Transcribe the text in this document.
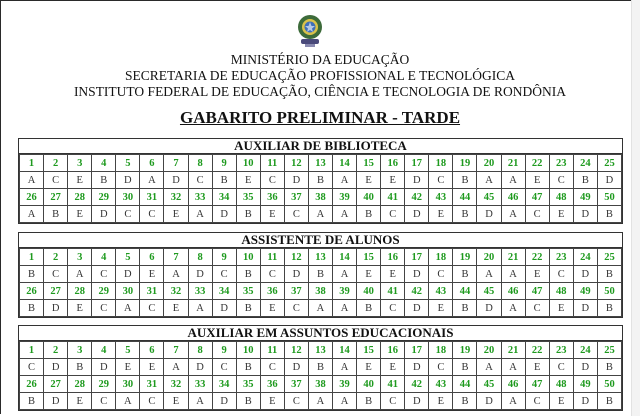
MINISTÉRIO DA EDUCAÇÃO
SECRETARIA DE EDUCAÇÃO PROFISSIONAL E TECNOLÓGICA
INSTITUTO FEDERAL DE EDUCAÇÃO, CIÊNCIA E TECNOLOGIA DE RONDÔNIA
GABARITO PRELIMINAR - TARDE
AUXILIAR DE BIBLIOTECA
1	2	3	4	5	6	7	8	9	10	11	12	13	14	15	16	17	18	19	20	21	22	23	24	25
A	C	E	B	D	A	D	C	B	E	C	D	B	A	E	E	D	C	B	A	A	E	C	B	D
26	27	28	29	30	31	32	33	34	35	36	37	38	39	40	41	42	43	44	45	46	47	48	49	50
A	B	E	D	C	C	E	A	D	B	E	C	A	A	B	C	D	E	B	D	A	C	E	D	B
ASSISTENTE DE ALUNOS
1	2	3	4	5	6	7	8	9	10	11	12	13	14	15	16	17	18	19	20	21	22	23	24	25
B	C	A	C	D	E	A	D	C	B	C	D	B	A	E	E	D	C	B	A	A	E	C	D	B
26	27	28	29	30	31	32	33	34	35	36	37	38	39	40	41	42	43	44	45	46	47	48	49	50
B	D	E	C	A	C	E	A	D	B	E	C	A	A	B	C	D	E	B	D	A	C	E	D	B
AUXILIAR EM ASSUNTOS EDUCACIONAIS
1	2	3	4	5	6	7	8	9	10	11	12	13	14	15	16	17	18	19	20	21	22	23	24	25
C	D	B	D	E	E	A	D	C	B	C	D	B	A	E	E	D	C	B	A	A	E	C	D	B
26	27	28	29	30	31	32	33	34	35	36	37	38	39	40	41	42	43	44	45	46	47	48	49	50
B	D	E	C	A	C	E	A	D	B	E	C	A	A	B	C	D	E	B	D	A	C	E	D	B
